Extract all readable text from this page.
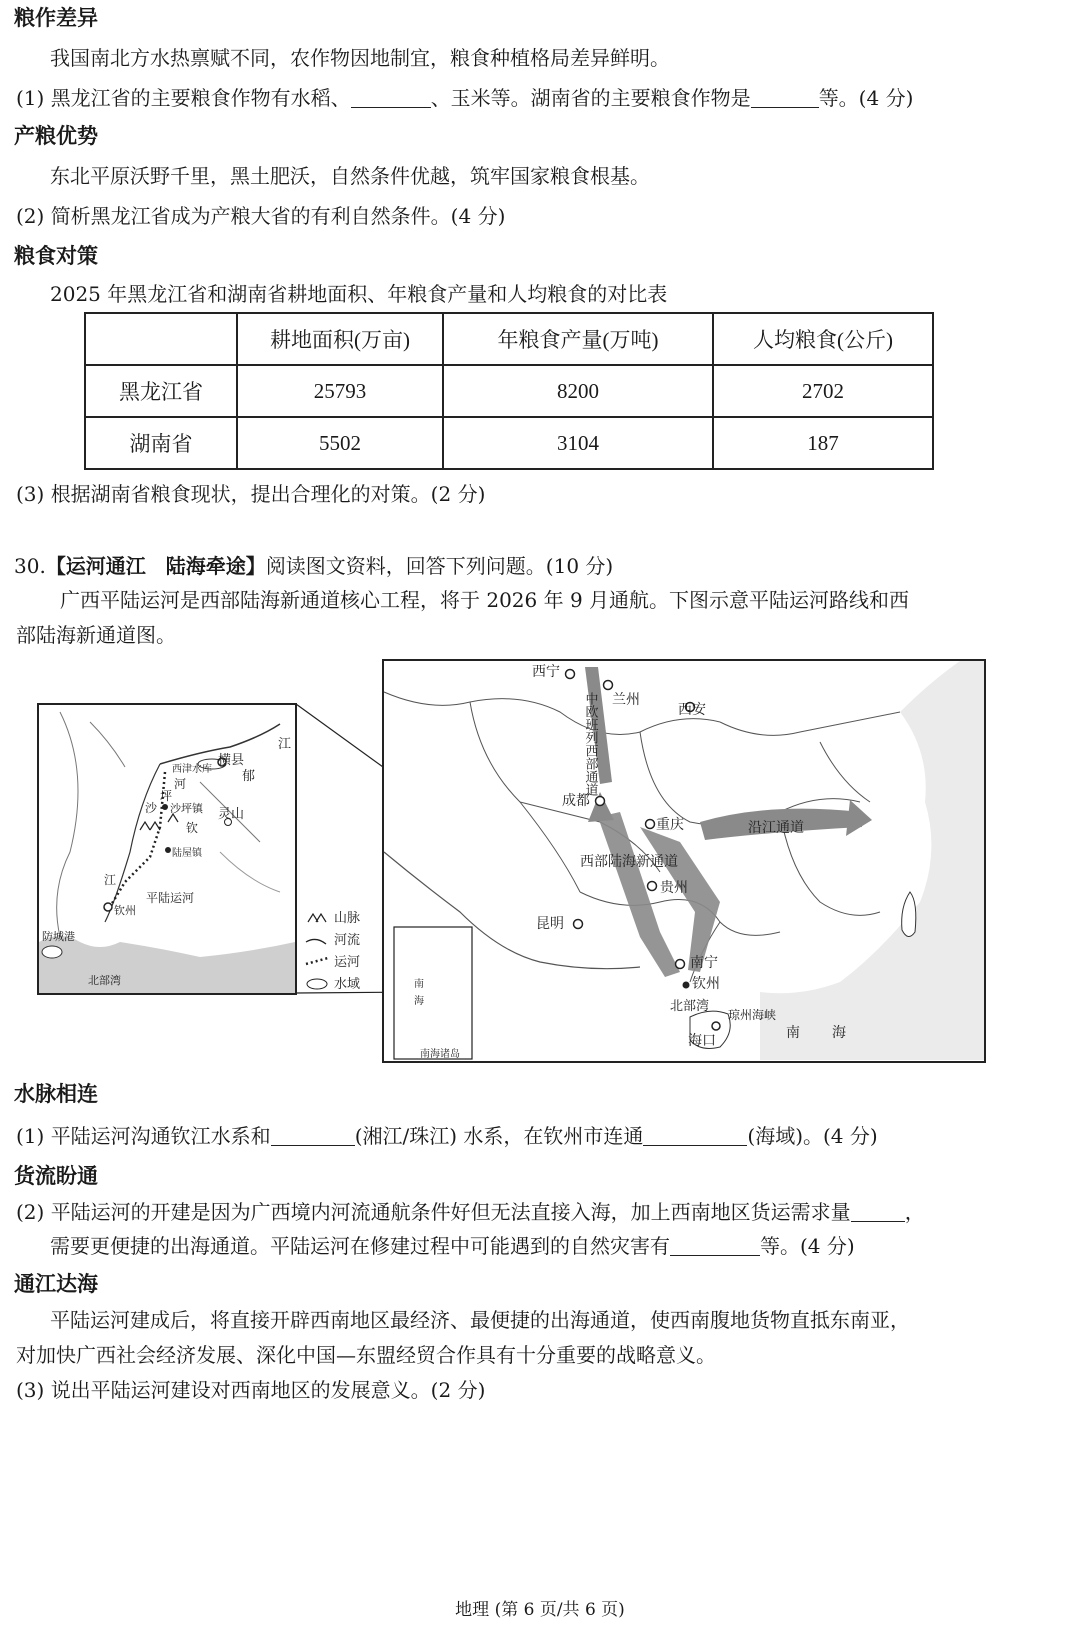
粮作差异
我国南北方水热禀赋不同，农作物因地制宜，粮食种植格局差异鲜明。
(1) 黑龙江省的主要粮食作物有水稻、	、玉米等。湖南省的主要粮食作物是	等。(4 分)
产粮优势
东北平原沃野千里，黑土肥沃，自然条件优越，筑牢国家粮食根基。
(2) 简析黑龙江省成为产粮大省的有利自然条件。(4 分)
粮食对策
2025 年黑龙江省和湖南省耕地面积、年粮食产量和人均粮食的对比表
	耕地面积(万亩)	年粮食产量(万吨)	人均粮食(公斤)
黑龙江省	25793	8200	2702
湖南省	5502	3104	187
(3) 根据湖南省粮食现状，提出合理化的对策。(2 分)
30.【运河通江　陆海牵途】阅读图文资料，回答下列问题。(10 分)
广西平陆运河是西部陆海新通道核心工程，将于 2026 年 9 月通航。下图示意平陆运河路线和西
部陆海新通道图。
西津水库
横县
郁
江
沙
坪
河
沙坪镇 灵山
钦
陆屋镇
江
平陆运河
钦州
防城港
北部湾
山脉
河流
运河
水域
南海诸岛
南
海
西宁
兰州
西安
成都
重庆	沿江通道
西部陆海新通道
贵州
昆明
南宁
钦州
北部湾
琼州海峡
海口	南 海
中欧班列西部通道
水脉相连
(1) 平陆运河沟通钦江水系和	(湘江/珠江) 水系，在钦州市连通	(海域)。(4 分)
货流盼通
(2) 平陆运河的开建是因为广西境内河流通航条件好但无法直接入海，加上西南地区货运需求量	，
需要更便捷的出海通道。平陆运河在修建过程中可能遇到的自然灾害有	等。(4 分)
通江达海
平陆运河建成后，将直接开辟西南地区最经济、最便捷的出海通道，使西南腹地货物直抵东南亚，
对加快广西社会经济发展、深化中国—东盟经贸合作具有十分重要的战略意义。
(3) 说出平陆运河建设对西南地区的发展意义。(2 分)
地理 (第 6 页/共 6 页)
